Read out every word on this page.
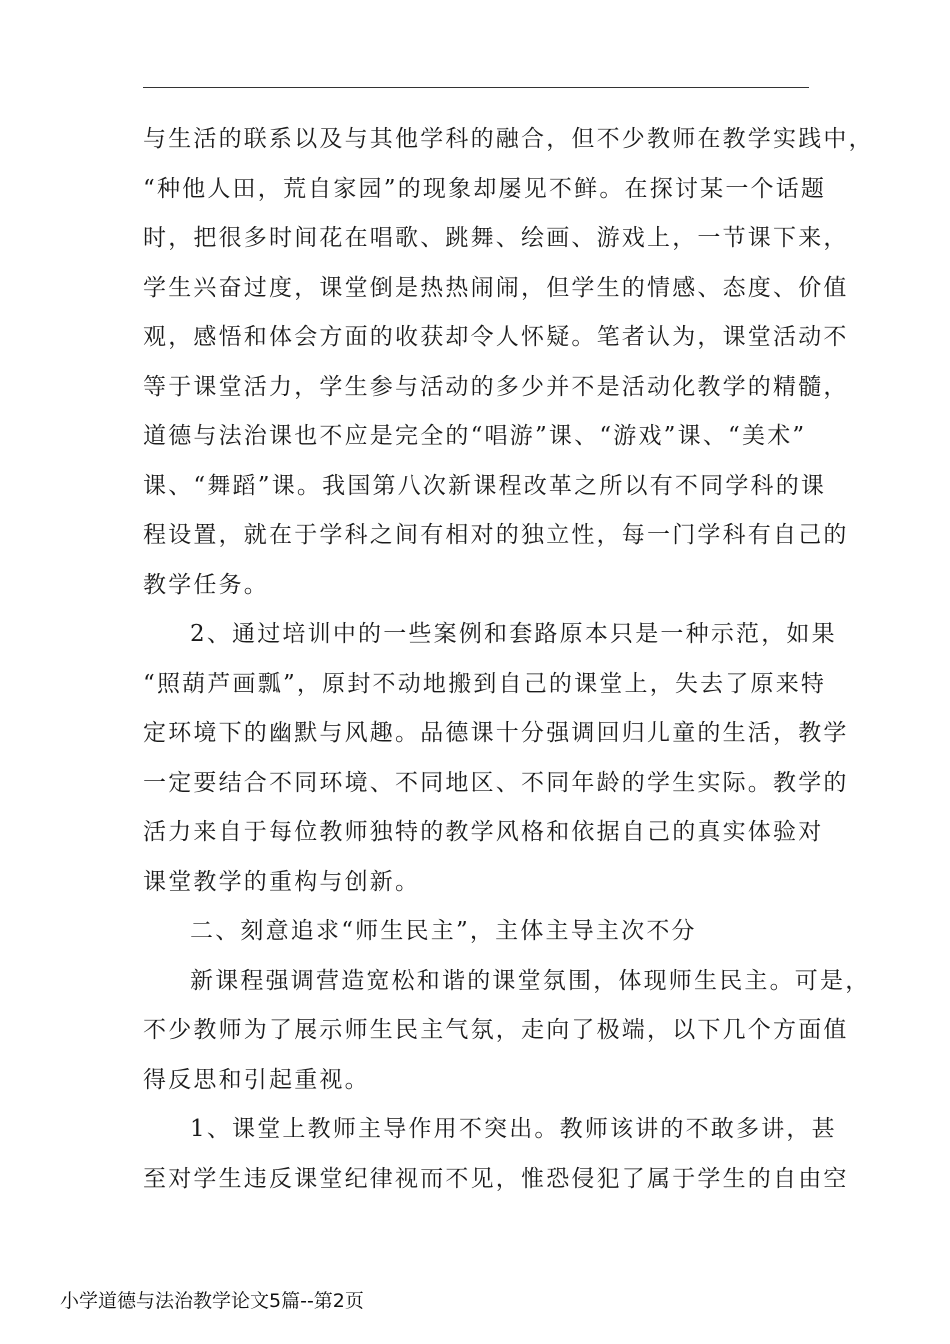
与生活的联系以及与其他学科的融合，但不少教师在教学实践中，
“种他人田，荒自家园”的现象却屡见不鲜。在探讨某一个话题
时，把很多时间花在唱歌、跳舞、绘画、游戏上，一节课下来，
学生兴奋过度，课堂倒是热热闹闹，但学生的情感、态度、价值
观，感悟和体会方面的收获却令人怀疑。笔者认为，课堂活动不
等于课堂活力，学生参与活动的多少并不是活动化教学的精髓，
道德与法治课也不应是完全的“唱游”课、“游戏”课、“美术”
课、“舞蹈”课。我国第八次新课程改革之所以有不同学科的课
程设置，就在于学科之间有相对的独立性，每一门学科有自己的
教学任务。
2、通过培训中的一些案例和套路原本只是一种示范，如果
“照葫芦画瓢”，原封不动地搬到自己的课堂上，失去了原来特
定环境下的幽默与风趣。品德课十分强调回归儿童的生活，教学
一定要结合不同环境、不同地区、不同年龄的学生实际。教学的
活力来自于每位教师独特的教学风格和依据自己的真实体验对
课堂教学的重构与创新。
二、刻意追求“师生民主”，主体主导主次不分
新课程强调营造宽松和谐的课堂氛围，体现师生民主。可是，
不少教师为了展示师生民主气氛，走向了极端，以下几个方面值
得反思和引起重视。
1、课堂上教师主导作用不突出。教师该讲的不敢多讲，甚
至对学生违反课堂纪律视而不见，惟恐侵犯了属于学生的自由空
小学道德与法治教学论文5篇--第2页
